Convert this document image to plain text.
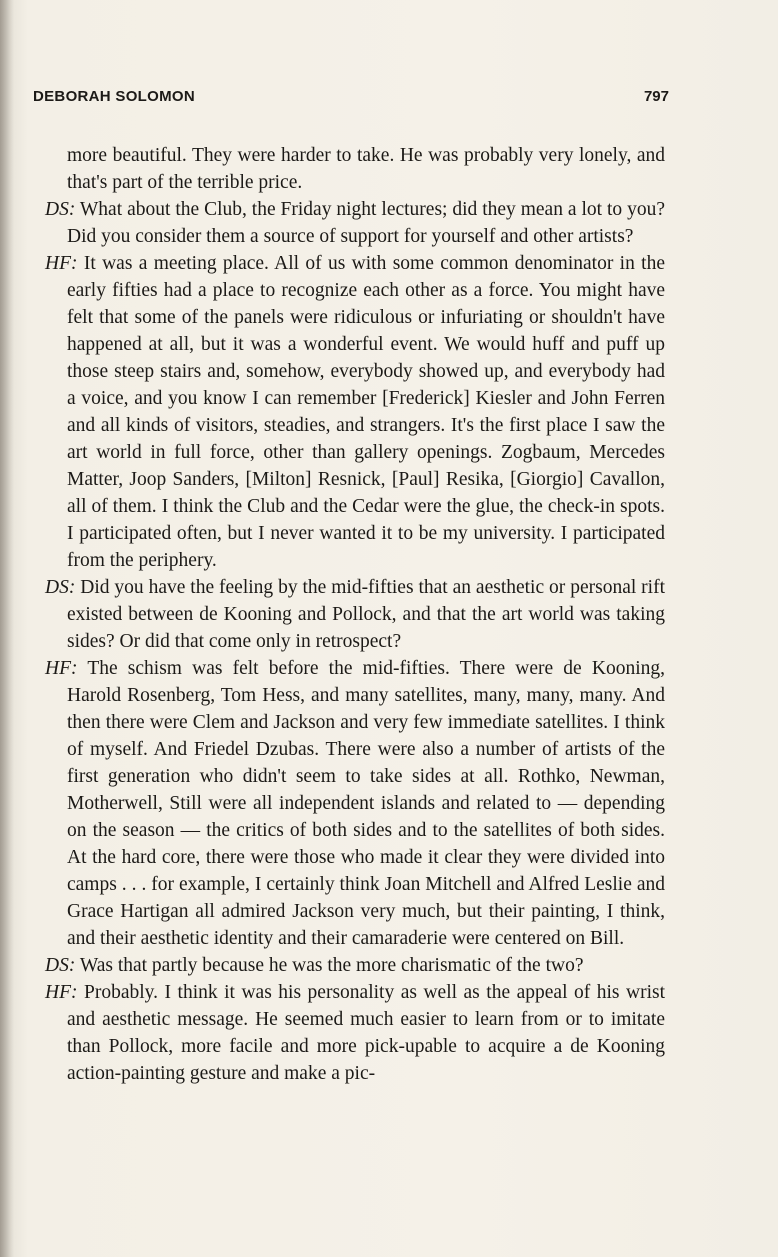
DEBORAH SOLOMON	797

more beautiful. They were harder to take. He was probably very lonely, and that's part of the terrible price.

DS: What about the Club, the Friday night lectures; did they mean a lot to you? Did you consider them a source of support for yourself and other artists?

HF: It was a meeting place. All of us with some common denominator in the early fifties had a place to recognize each other as a force. You might have felt that some of the panels were ridiculous or infuriating or shouldn't have happened at all, but it was a wonderful event. We would huff and puff up those steep stairs and, somehow, everybody showed up, and everybody had a voice, and you know I can remember [Frederick] Kiesler and John Ferren and all kinds of visitors, steadies, and strangers. It's the first place I saw the art world in full force, other than gallery openings. Zogbaum, Mercedes Matter, Joop Sanders, [Milton] Resnick, [Paul] Resika, [Giorgio] Cavallon, all of them. I think the Club and the Cedar were the glue, the check-in spots. I participated often, but I never wanted it to be my university. I participated from the periphery.

DS: Did you have the feeling by the mid-fifties that an aesthetic or personal rift existed between de Kooning and Pollock, and that the art world was taking sides? Or did that come only in retrospect?

HF: The schism was felt before the mid-fifties. There were de Kooning, Harold Rosenberg, Tom Hess, and many satellites, many, many, many. And then there were Clem and Jackson and very few immediate satellites. I think of myself. And Friedel Dzubas. There were also a number of artists of the first generation who didn't seem to take sides at all. Rothko, Newman, Motherwell, Still were all independent islands and related to — depending on the season — the critics of both sides and to the satellites of both sides. At the hard core, there were those who made it clear they were divided into camps . . . for example, I certainly think Joan Mitchell and Alfred Leslie and Grace Hartigan all admired Jackson very much, but their painting, I think, and their aesthetic identity and their camaraderie were centered on Bill.

DS: Was that partly because he was the more charismatic of the two?

HF: Probably. I think it was his personality as well as the appeal of his wrist and aesthetic message. He seemed much easier to learn from or to imitate than Pollock, more facile and more pick-upable to acquire a de Kooning action-painting gesture and make a pic-
